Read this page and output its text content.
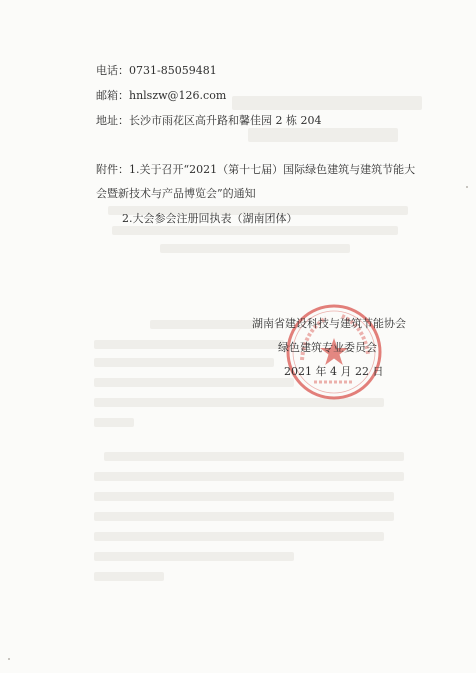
电话：0731-85059481
邮箱：hnlszw@126.com
地址：长沙市雨花区高升路和馨佳园 2 栋 204
附件：1.关于召开“2021（第十七届）国际绿色建筑与建筑节能大
会暨新技术与产品博览会”的通知
2.大会参会注册回执表（湖南团体）
湖南省建设科技与建筑节能协会
绿色建筑专业委员会
2021 年 4 月 22 日
